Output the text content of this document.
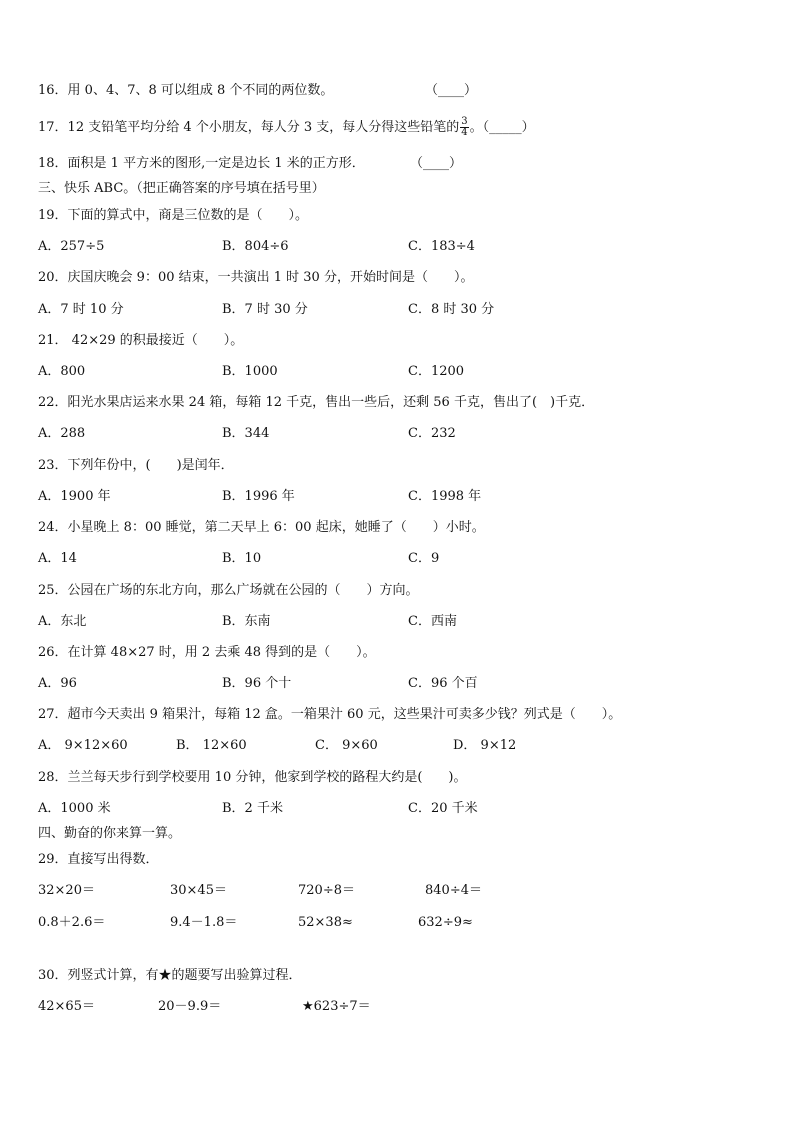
16．用 0、4、7、8 可以组成 8 个不同的两位数。	（____）
17．12 支铅笔平均分给 4 个小朋友，每人分 3 支，每人分得这些铅笔的 $\frac{3}{4}$ 。（_____）
18．面积是 1 平方米的图形,一定是边长 1 米的正方形．	（____）
三、快乐 ABC。（把正确答案的序号填在括号里）
19．下面的算式中，商是三位数的是（　　）。
A．257÷5	B．804÷6	C．183÷4
20．庆国庆晚会 9：00 结束，一共演出 1 时 30 分，开始时间是（　　）。
A．7 时 10 分	B．7 时 30 分	C．8 时 30 分
21． 42×29 的积最接近（　　）。
A．800	B．1000	C．1200
22．阳光水果店运来水果 24 箱，每箱 12 千克，售出一些后，还剩 56 千克，售出了(　)千克．
A．288	B．344	C．232
23．下列年份中，(　　)是闰年．
A．1900 年	B．1996 年	C．1998 年
24．小星晚上 8：00 睡觉，第二天早上 6：00 起床，她睡了（　　）小时。
A．14	B．10	C．9
25．公园在广场的东北方向，那么广场就在公园的（　　）方向。
A．东北	B．东南	C．西南
26．在计算 48×27 时，用 2 去乘 48 得到的是（　　）。
A．96	B．96 个十	C．96 个百
27．超市今天卖出 9 箱果汁，每箱 12 盒。一箱果汁 60 元，这些果汁可卖多少钱？列式是（　　）。
A． 9×12×60	B． 12×60	C． 9×60	D． 9×12
28．兰兰每天步行到学校要用 10 分钟，他家到学校的路程大约是(　　)。
A．1000 米	B．2 千米	C．20 千米
四、勤奋的你来算一算。
29．直接写出得数．
32×20＝	30×45＝	720÷8＝	840÷4＝
0.8＋2.6＝	9.4－1.8＝	52×38≈	632÷9≈
30．列竖式计算，有★的题要写出验算过程．
42×65＝	20－9.9＝	★623÷7＝
